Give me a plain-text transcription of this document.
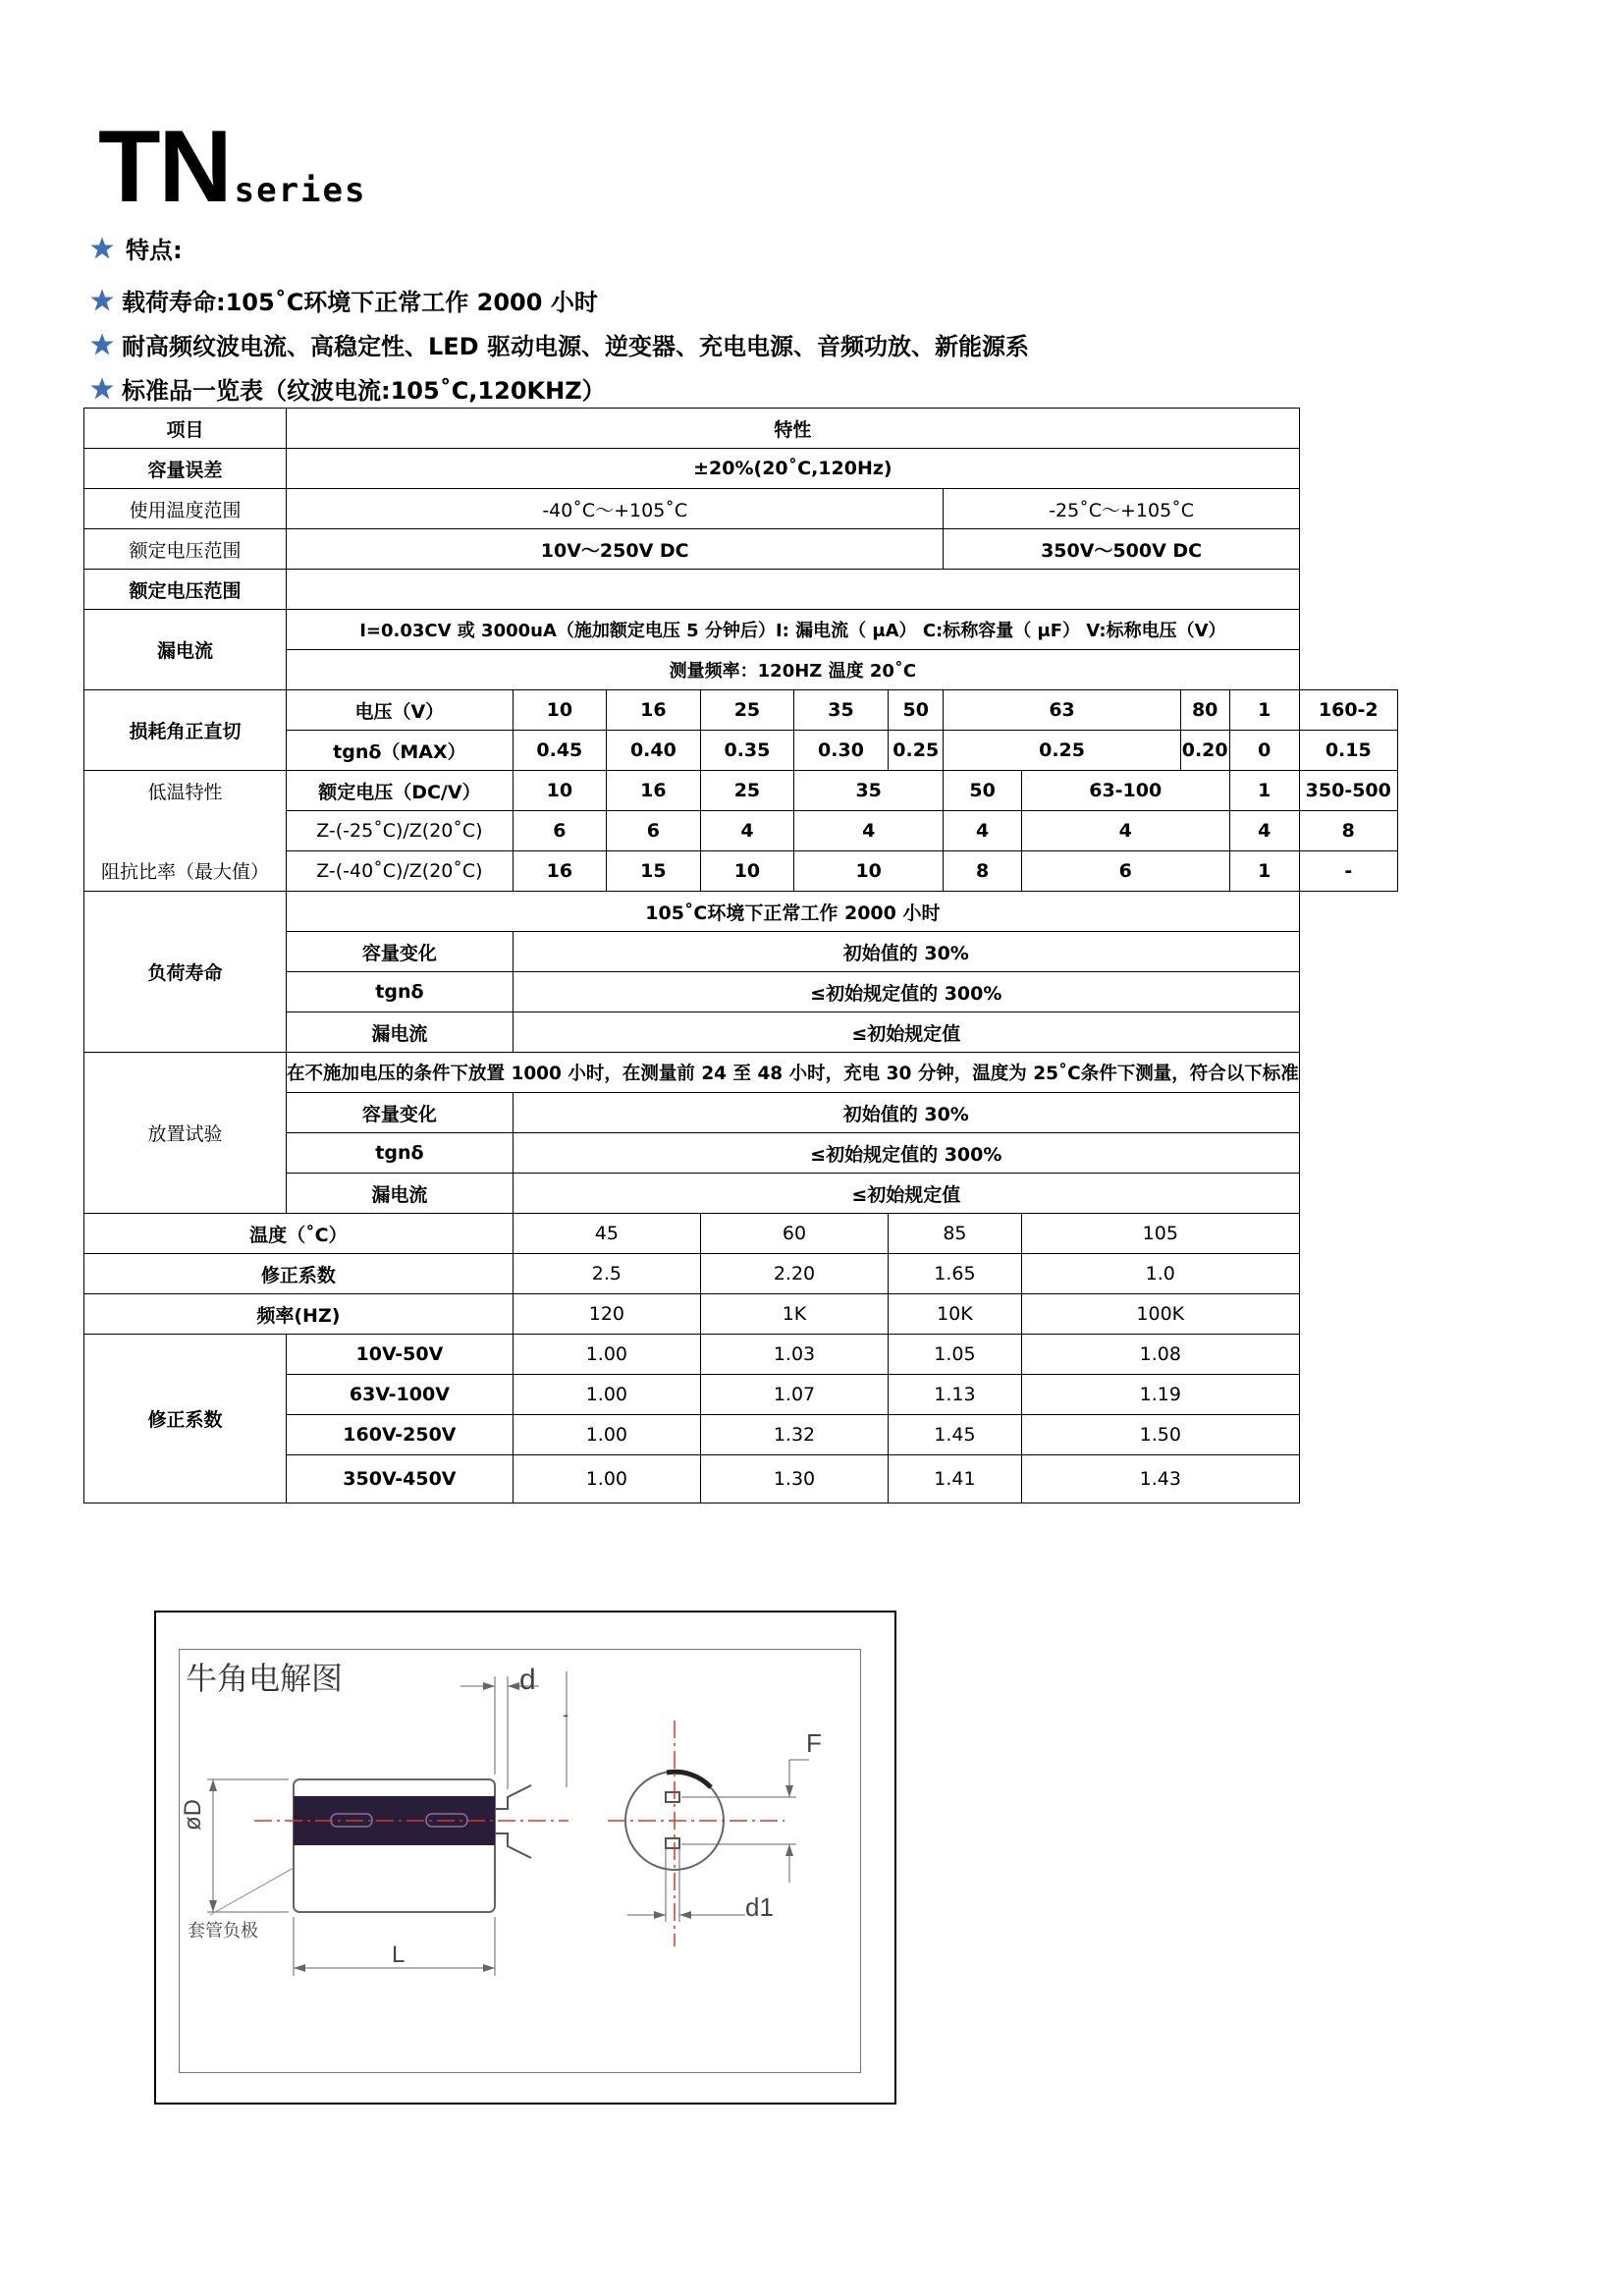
TN series
特点:
载荷寿命:105˚C环境下正常工作 2000 小时
耐高频纹波电流、高稳定性、LED 驱动电源、逆变器、充电电源、音频功放、新能源系
标准品一览表（纹波电流:105˚C,120KHZ）
项目	特性										
容量误差	±20%(20˚C,120Hz)										
使用温度范围	-40˚C～+105˚C						-25˚C～+105˚C				
额定电压范围	10V～250V DC						350V～500V DC				
额定电压范围											
漏电流	I=0.03CV 或 3000uA（施加额定电压 5 分钟后）I: 漏电流（ μA） C:标称容量（ μF） V:标称电压（V）										
	测量频率：120HZ 温度 20˚C										
损耗角正直切	电压（V）	10	16	25	35	50	63		80	1	160-2
	tgnδ（MAX）	0.45	0.40	0.35	0.30	0.25	0.25		0.20	0	0.15
低温特性	额定电压（DC/V）	10	16	25	35		50	63-100		1	350-500
	Z-(-25˚C)/Z(20˚C)	6	6	4	4		4	4		4	8
阻抗比率（最大值）	Z-(-40˚C)/Z(20˚C)	16	15	10	10		8	6		1	-
负荷寿命	105˚C环境下正常工作 2000 小时										
	容量变化	初始值的 30%									
	tgnδ	≤初始规定值的 300%									
	漏电流	≤初始规定值									
放置试验	在不施加电压的条件下放置 1000 小时，在测量前 24 至 48 小时，充电 30 分钟，温度为 25˚C条件下测量，符合以下标准										
	容量变化	初始值的 30%									
	tgnδ	≤初始规定值的 300%									
	漏电流	≤初始规定值									
温度（˚C）		45		60		85		105			
修正系数		2.5		2.20		1.65		1.0			
频率(HZ)		120		1K		10K		100K			
修正系数	10V-50V	1.00		1.03		1.05		1.08			
	63V-100V	1.00		1.07		1.13		1.19			
	160V-250V	1.00		1.32		1.45		1.50			
	350V-450V	1.00		1.30		1.41		1.43			
牛角电解图	d
-
F
d1
øD
L
套管负极
